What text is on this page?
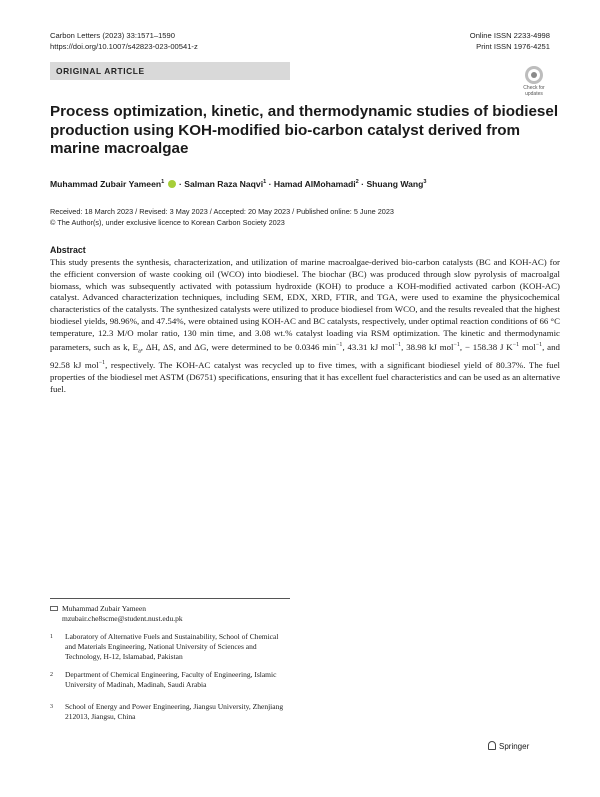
Carbon Letters (2023) 33:1571–1590
https://doi.org/10.1007/s42823-023-00541-z
Online ISSN 2233-4998
Print ISSN 1976-4251
ORIGINAL ARTICLE
Check for
updates
Process optimization, kinetic, and thermodynamic studies of biodiesel production using KOH-modified bio-carbon catalyst derived from marine macroalgae
Muhammad Zubair Yameen$^1$  · Salman Raza Naqvi$^1$ · Hamad AlMohamadi$^2$ · Shuang Wang$^3$
Received: 18 March 2023 / Revised: 3 May 2023 / Accepted: 20 May 2023 / Published online: 5 June 2023
© The Author(s), under exclusive licence to Korean Carbon Society 2023
Abstract
This study presents the synthesis, characterization, and utilization of marine macroalgae-derived bio-carbon catalysts (BC and KOH-AC) for the efficient conversion of waste cooking oil (WCO) into biodiesel. The biochar (BC) was produced through slow pyrolysis of macroalgal biomass, which was subsequently activated with potassium hydroxide (KOH) to produce a KOH-modified activated carbon (KOH-AC) catalyst. Advanced characterization techniques, including SEM, EDX, XRD, FTIR, and TGA, were used to examine the physicochemical characteristics of the catalysts. The synthesized catalysts were utilized to produce biodiesel from WCO, and the results revealed that the highest biodiesel yields, 98.96%, and 47.54%, were obtained using KOH-AC and BC catalysts, respectively, under optimal reaction conditions of 66 °C temperature, 12.3 M/O molar ratio, 130 min time, and 3.08 wt.% catalyst loading via RSM optimization. The kinetic and thermodynamic parameters, such as k, $E_a$, ΔH, ΔS, and ΔG, were determined to be 0.0346 $\min^{-1}$, 43.31 kJ mol$^{-1}$, 38.98 kJ mol$^{-1}$, − 158.38 J $K^{-1}$ mol$^{-1}$, and 92.58 kJ mol$^{-1}$, respectively. The KOH-AC catalyst was recycled up to five times, with a significant biodiesel yield of 80.37%. The fuel properties of the biodiesel met ASTM (D6751) specifications, ensuring that it has excellent fuel characteristics and can be used as an alternative fuel.
Muhammad Zubair Yameen
mzubair.che8scme@student.nust.edu.pk
1 Laboratory of Alternative Fuels and Sustainability, School of Chemical and Materials Engineering, National University of Sciences and Technology, H-12, Islamabad, Pakistan
2 Department of Chemical Engineering, Faculty of Engineering, Islamic University of Madinah, Madinah, Saudi Arabia
3 School of Energy and Power Engineering, Jiangsu University, Zhenjiang 212013, Jiangsu, China
Springer
